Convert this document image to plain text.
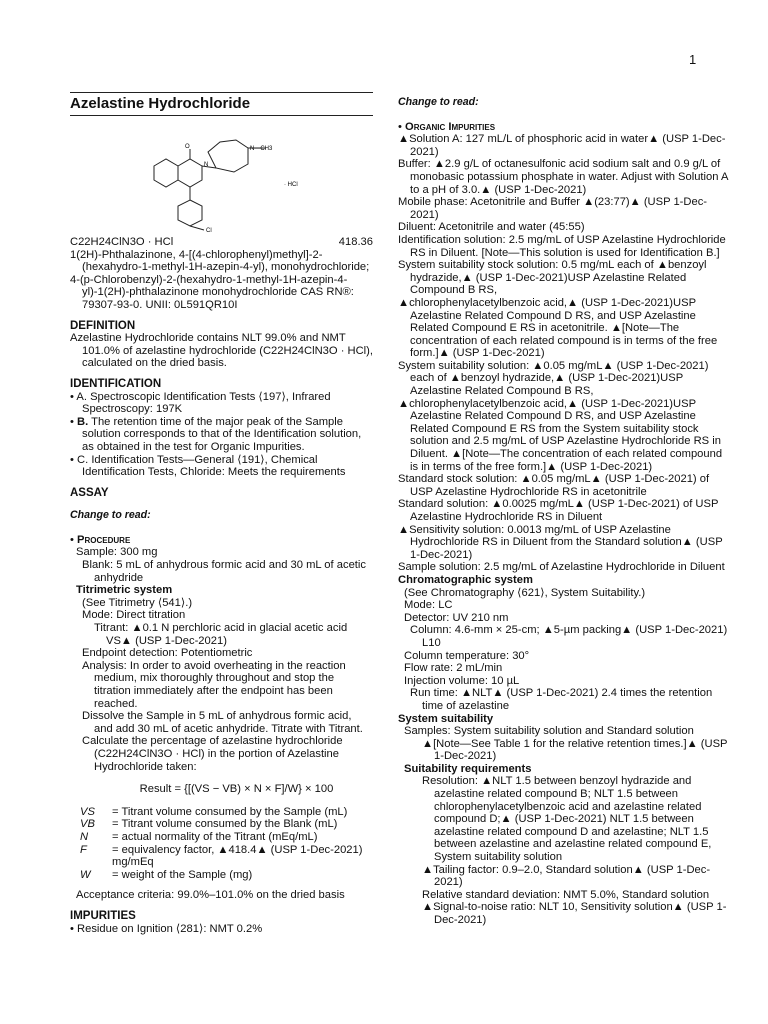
1
Azelastine Hydrochloride
O
N
N—CH3
· HCl
Cl
C22H24ClN3O · HCl	418.36
1(2H)-Phthalazinone, 4-[(4-chlorophenyl)methyl]-2-(hexahydro-1-methyl-1H-azepin-4-yl), monohydrochloride;
4-(p-Chlorobenzyl)-2-(hexahydro-1-methyl-1H-azepin-4-yl)-1(2H)-phthalazinone monohydrochloride CAS RN®: 79307-93-0. UNII: 0L591QR10I
DEFINITION
Azelastine Hydrochloride contains NLT 99.0% and NMT 101.0% of azelastine hydrochloride (C22H24ClN3O · HCl), calculated on the dried basis.
IDENTIFICATION
• A. Spectroscopic Identification Tests ⟨197⟩, Infrared Spectroscopy: 197K
• B. The retention time of the major peak of the Sample solution corresponds to that of the Identification solution, as obtained in the test for Organic Impurities.
• C. Identification Tests—General ⟨191⟩, Chemical Identification Tests, Chloride: Meets the requirements
ASSAY
Change to read:
• Procedure
Sample: 300 mg
Blank: 5 mL of anhydrous formic acid and 30 mL of acetic anhydride
Titrimetric system
(See Titrimetry ⟨541⟩.)
Mode: Direct titration
Titrant: ▲0.1 N perchloric acid in glacial acetic acid VS▲ (USP 1-Dec-2021)
Endpoint detection: Potentiometric
Analysis: In order to avoid overheating in the reaction medium, mix thoroughly throughout and stop the titration immediately after the endpoint has been reached.
Dissolve the Sample in 5 mL of anhydrous formic acid, and add 30 mL of acetic anhydride. Titrate with Titrant.
Calculate the percentage of azelastine hydrochloride (C22H24ClN3O · HCl) in the portion of Azelastine Hydrochloride taken:
Result = {[(VS − VB) × N × F]/W} × 100
VS	= Titrant volume consumed by the Sample (mL)
VB	= Titrant volume consumed by the Blank (mL)
N	= actual normality of the Titrant (mEq/mL)
F	= equivalency factor, ▲418.4▲ (USP 1-Dec-2021) mg/mEq
W	= weight of the Sample (mg)
Acceptance criteria: 99.0%–101.0% on the dried basis
IMPURITIES
• Residue on Ignition ⟨281⟩: NMT 0.2%
Change to read:
• Organic Impurities
▲Solution A: 127 mL/L of phosphoric acid in water▲ (USP 1-Dec-2021)
Buffer: ▲2.9 g/L of octanesulfonic acid sodium salt and 0.9 g/L of monobasic potassium phosphate in water. Adjust with Solution A to a pH of 3.0.▲ (USP 1-Dec-2021)
Mobile phase: Acetonitrile and Buffer ▲(23:77)▲ (USP 1-Dec-2021)
Diluent: Acetonitrile and water (45:55)
Identification solution: 2.5 mg/mL of USP Azelastine Hydrochloride RS in Diluent. [Note—This solution is used for Identification B.]
System suitability stock solution: 0.5 mg/mL each of ▲benzoyl hydrazide,▲ (USP 1-Dec-2021)USP Azelastine Related Compound B RS,
▲chlorophenylacetylbenzoic acid,▲ (USP 1-Dec-2021)USP Azelastine Related Compound D RS, and USP Azelastine Related Compound E RS in acetonitrile. ▲[Note—The concentration of each related compound is in terms of the free form.]▲ (USP 1-Dec-2021)
System suitability solution: ▲0.05 mg/mL▲ (USP 1-Dec-2021) each of ▲benzoyl hydrazide,▲ (USP 1-Dec-2021)USP Azelastine Related Compound B RS,
▲chlorophenylacetylbenzoic acid,▲ (USP 1-Dec-2021)USP Azelastine Related Compound D RS, and USP Azelastine Related Compound E RS from the System suitability stock solution and 2.5 mg/mL of USP Azelastine Hydrochloride RS in Diluent. ▲[Note—The concentration of each related compound is in terms of the free form.]▲ (USP 1-Dec-2021)
Standard stock solution: ▲0.05 mg/mL▲ (USP 1-Dec-2021) of USP Azelastine Hydrochloride RS in acetonitrile
Standard solution: ▲0.0025 mg/mL▲ (USP 1-Dec-2021) of USP Azelastine Hydrochloride RS in Diluent
▲Sensitivity solution: 0.0013 mg/mL of USP Azelastine Hydrochloride RS in Diluent from the Standard solution▲ (USP 1-Dec-2021)
Sample solution: 2.5 mg/mL of Azelastine Hydrochloride in Diluent
Chromatographic system
(See Chromatography ⟨621⟩, System Suitability.)
Mode: LC
Detector: UV 210 nm
Column: 4.6-mm × 25-cm; ▲5-µm packing▲ (USP 1-Dec-2021) L10
Column temperature: 30°
Flow rate: 2 mL/min
Injection volume: 10 µL
Run time: ▲NLT▲ (USP 1-Dec-2021) 2.4 times the retention time of azelastine
System suitability
Samples: System suitability solution and Standard solution
▲[Note—See Table 1 for the relative retention times.]▲ (USP 1-Dec-2021)
Suitability requirements
Resolution: ▲NLT 1.5 between benzoyl hydrazide and azelastine related compound B; NLT 1.5 between chlorophenylacetylbenzoic acid and azelastine related compound D;▲ (USP 1-Dec-2021) NLT 1.5 between azelastine related compound D and azelastine; NLT 1.5 between azelastine and azelastine related compound E, System suitability solution
▲Tailing factor: 0.9–2.0, Standard solution▲ (USP 1-Dec-2021)
Relative standard deviation: NMT 5.0%, Standard solution
▲Signal-to-noise ratio: NLT 10, Sensitivity solution▲ (USP 1-Dec-2021)
